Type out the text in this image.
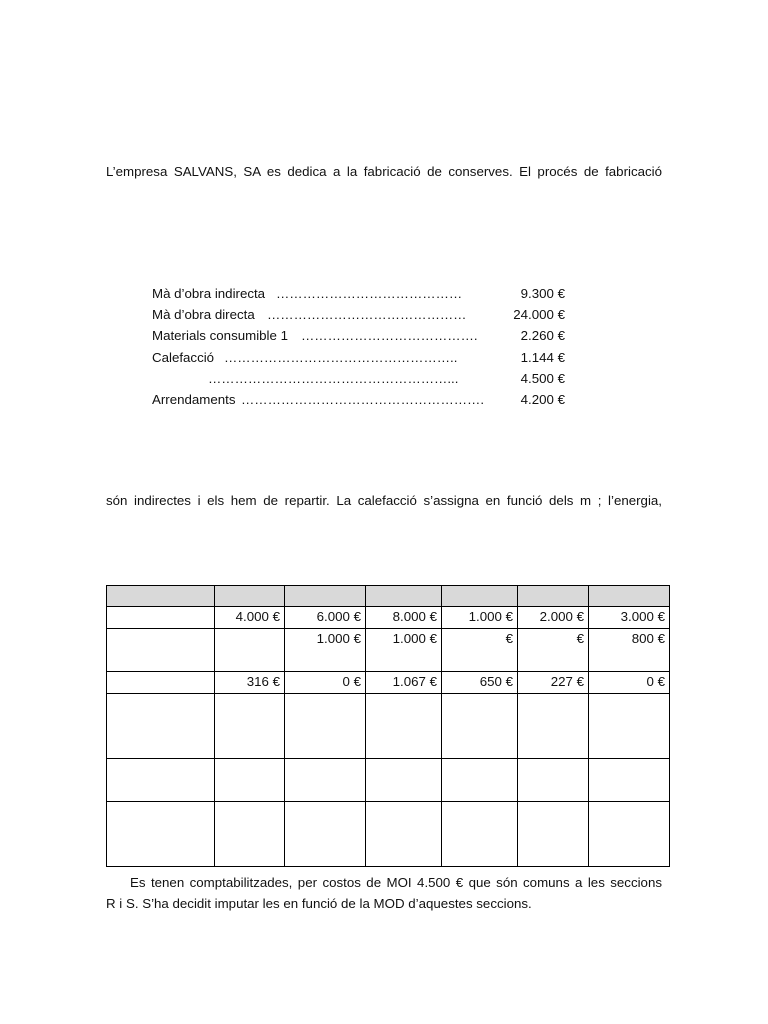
L’empresa SALVANS, SA es dedica a la fabricació de conserves. El procés de fabricació
Mà d’obra indirecta ……………………………………	9.300 €
Mà d’obra directa ………………………………………	24.000 €
Materials consumible 1 ………………………………….	2.260 €
Calefacció ……………………………………………..	1.144 €
………………………………………………...	4.500 €
Arrendaments ……………………………………………….	4.200 €
són indirectes i els hem de repartir. La calefacció s’assigna en funció dels m ; l’energia,

	4.000 €	6.000 €	8.000 €	1.000 €	2.000 €	3.000 €
		1.000 €	1.000 €	€	€	800 €
	316 €	0 €	1.067 €	650 €	227 €	0 €

Es tenen comptabilitzades, per costos de MOI 4.500 € que són comuns a les seccions
R i S. S’ha decidit imputar les en funció de la MOD d’aquestes seccions.
